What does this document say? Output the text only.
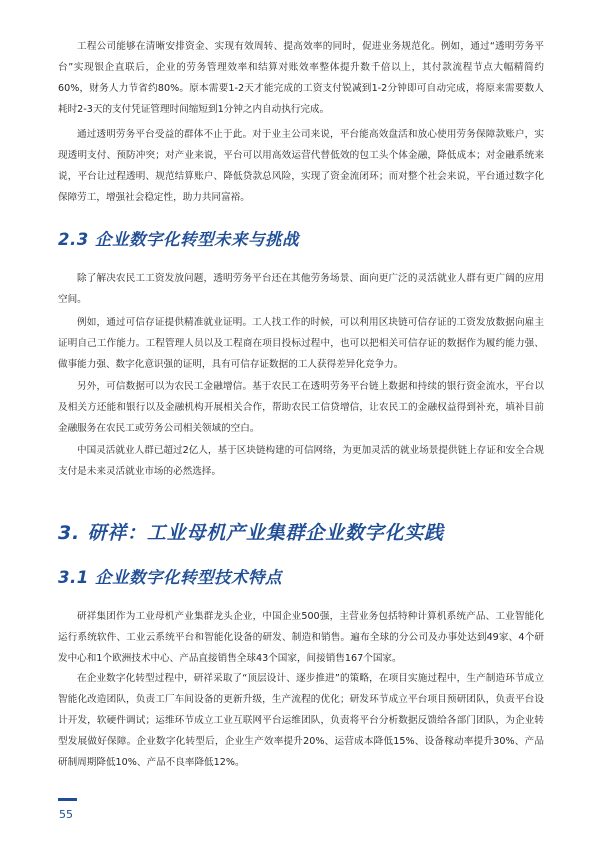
工程公司能够在清晰安排资金、实现有效周转、提高效率的同时，促进业务规范化。例如，通过“透明劳务平台”实现银企直联后，企业的劳务管理效率和结算对账效率整体提升数千倍以上，其付款流程节点大幅精简约60%，财务人力节省约80%。原本需要1-2天才能完成的工资支付锐减到1-2分钟即可自动完成，将原来需要数人耗时2-3天的支付凭证管理时间缩短到1分钟之内自动执行完成。

通过透明劳务平台受益的群体不止于此。对于业主公司来说，平台能高效盘活和放心使用劳务保障款账户，实现透明支付、预防冲突；对产业来说，平台可以用高效运营代替低效的包工头个体金融，降低成本；对金融系统来说，平台让过程透明、规范结算账户、降低贷款总风险，实现了资金流闭环；而对整个社会来说，平台通过数字化保障劳工，增强社会稳定性，助力共同富裕。

2.3 企业数字化转型未来与挑战

除了解决农民工工资发放问题，透明劳务平台还在其他劳务场景、面向更广泛的灵活就业人群有更广阔的应用空间。

例如，通过可信存证提供精准就业证明。工人找工作的时候，可以利用区块链可信存证的工资发放数据向雇主证明自己工作能力。工程管理人员以及工程商在项目投标过程中，也可以把相关可信存证的数据作为履约能力强、做事能力强、数字化意识强的证明，具有可信存证数据的工人获得差异化竞争力。

另外，可信数据可以为农民工金融增信。基于农民工在透明劳务平台链上数据和持续的银行资金流水，平台以及相关方还能和银行以及金融机构开展相关合作，帮助农民工信贷增信，让农民工的金融权益得到补充，填补目前金融服务在农民工或劳务公司相关领域的空白。

中国灵活就业人群已超过2亿人，基于区块链构建的可信网络，为更加灵活的就业场景提供链上存证和安全合规支付是未来灵活就业市场的必然选择。

3. 研祥：工业母机产业集群企业数字化实践
3.1 企业数字化转型技术特点

研祥集团作为工业母机产业集群龙头企业，中国企业500强，主营业务包括特种计算机系统产品、工业智能化运行系统软件、工业云系统平台和智能化设备的研发、制造和销售。遍布全球的分公司及办事处达到49家、4个研发中心和1个欧洲技术中心、产品直接销售全球43个国家，间接销售167个国家。

在企业数字化转型过程中，研祥采取了“顶层设计、逐步推进”的策略，在项目实施过程中，生产制造环节成立智能化改造团队，负责工厂车间设备的更新升级，生产流程的优化；研发环节成立平台项目预研团队，负责平台设计开发，软硬件调试；运维环节成立工业互联网平台运维团队，负责将平台分析数据反馈给各部门团队，为企业转型发展做好保障。企业数字化转型后，企业生产效率提升20%、运营成本降低15%、设备稼动率提升30%、产品研制周期降低10%、产品不良率降低12%。

55
